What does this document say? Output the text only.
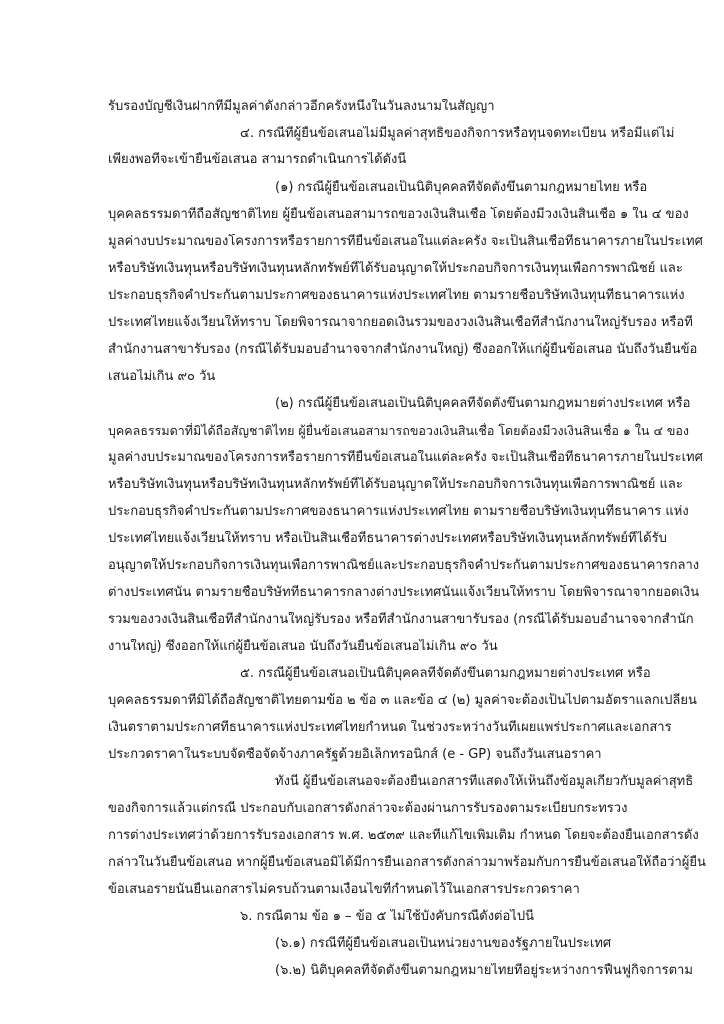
รับรองบัญชีเงินฝากที่มีมูลค่าดังกล่าวอีกครั้งหนึ่งในวันลงนามในสัญญา
๔. กรณีที่ผู้ยื่นข้อเสนอไม่มีมูลค่าสุทธิของกิจการหรือทุนจดทะเบียน หรือมีแต่ไม่
เพียงพอที่จะเข้ายื่นข้อเสนอ สามารถดำเนินการได้ดังนี้
(๑) กรณีผู้ยื่นข้อเสนอเป็นนิติบุคคลที่จัดตั้งขึ้นตามกฎหมายไทย หรือ
บุคคลธรรมดาที่ถือสัญชาติไทย ผู้ยื่นข้อเสนอสามารถขอวงเงินสินเชื่อ โดยต้องมีวงเงินสินเชื่อ ๑ ใน ๔ ของ
มูลค่างบประมาณของโครงการหรือรายการที่ยื่นข้อเสนอในแต่ละครั้ง จะเป็นสินเชื่อที่ธนาคารภายในประเทศ
หรือบริษัทเงินทุนหรือบริษัทเงินทุนหลักทรัพย์ที่ได้รับอนุญาตให้ประกอบกิจการเงินทุนเพื่อการพาณิชย์ และ
ประกอบธุรกิจค้ำประกันตามประกาศของธนาคารแห่งประเทศไทย ตามรายชื่อบริษัทเงินทุนที่ธนาคารแห่ง
ประเทศไทยแจ้งเวียนให้ทราบ โดยพิจารณาจากยอดเงินรวมของวงเงินสินเชื่อที่สำนักงานใหญ่รับรอง หรือที่
สำนักงานสาขารับรอง (กรณีได้รับมอบอำนาจจากสำนักงานใหญ่) ซึ่งออกให้แก่ผู้ยื่นข้อเสนอ นับถึงวันยื่นข้อ
เสนอไม่เกิน ๙๐ วัน
(๒) กรณีผู้ยื่นข้อเสนอเป็นนิติบุคคลที่จัดตั้งขึ้นตามกฎหมายต่างประเทศ หรือ
บุคคลธรรมดาที่มิได้ถือสัญชาติไทย ผู้ยื่นข้อเสนอสามารถขอวงเงินสินเชื่อ โดยต้องมีวงเงินสินเชื่อ ๑ ใน ๔ ของ
มูลค่างบประมาณของโครงการหรือรายการที่ยื่นข้อเสนอในแต่ละครั้ง จะเป็นสินเชื่อที่ธนาคารภายในประเทศ
หรือบริษัทเงินทุนหรือบริษัทเงินทุนหลักทรัพย์ที่ได้รับอนุญาตให้ประกอบกิจการเงินทุนเพื่อการพาณิชย์ และ
ประกอบธุรกิจค้ำประกันตามประกาศของธนาคารแห่งประเทศไทย ตามรายชื่อบริษัทเงินทุนที่ธนาคาร แห่ง
ประเทศไทยแจ้งเวียนให้ทราบ หรือเป็นสินเชื่อที่ธนาคารต่างประเทศหรือบริษัทเงินทุนหลักทรัพย์ที่ได้รับ
อนุญาตให้ประกอบกิจการเงินทุนเพื่อการพาณิชย์และประกอบธุรกิจค้ำประกันตามประกาศของธนาคารกลาง
ต่างประเทศนั้น ตามรายชื่อบริษัทที่ธนาคารกลางต่างประเทศนั้นแจ้งเวียนให้ทราบ โดยพิจารณาจากยอดเงิน
รวมของวงเงินสินเชื่อที่สำนักงานใหญ่รับรอง หรือที่สำนักงานสาขารับรอง (กรณีได้รับมอบอำนาจจากสำนัก
งานใหญ่) ซึ่งออกให้แก่ผู้ยื่นข้อเสนอ นับถึงวันยื่นข้อเสนอไม่เกิน ๙๐ วัน
๕. กรณีผู้ยื่นข้อเสนอเป็นนิติบุคคลที่จัดตั้งขึ้นตามกฎหมายต่างประเทศ หรือ
บุคคลธรรมดาที่มิได้ถือสัญชาติไทยตามข้อ ๒ ข้อ ๓ และข้อ ๔ (๒) มูลค่าจะต้องเป็นไปตามอัตราแลกเปลี่ยน
เงินตราตามประกาศที่ธนาคารแห่งประเทศไทยกำหนด ในช่วงระหว่างวันที่เผยแพร่ประกาศและเอกสาร
ประกวดราคาในระบบจัดซื้อจัดจ้างภาครัฐด้วยอิเล็กทรอนิกส์ (e - GP) จนถึงวันเสนอราคา
ทั้งนี้ ผู้ยื่นข้อเสนอจะต้องยื่นเอกสารที่แสดงให้เห็นถึงข้อมูลเกี่ยวกับมูลค่าสุทธิ
ของกิจการแล้วแต่กรณี ประกอบกับเอกสารดังกล่าวจะต้องผ่านการรับรองตามระเบียบกระทรวง
การต่างประเทศว่าด้วยการรับรองเอกสาร พ.ศ. ๒๕๓๙ และที่แก้ไขเพิ่มเติม กำหนด โดยจะต้องยื่นเอกสารดัง
กล่าวในวันยื่นข้อเสนอ หากผู้ยื่นข้อเสนอมิได้มีการยื่นเอกสารดังกล่าวมาพร้อมกับการยื่นข้อเสนอให้ถือว่าผู้ยื่น
ข้อเสนอรายนั้นยื่นเอกสารไม่ครบถ้วนตามเงื่อนไขที่กำหนดไว้ในเอกสารประกวดราคา
๖. กรณีตาม ข้อ ๑ – ข้อ ๕ ไม่ใช้บังคับกรณีดังต่อไปนี้
(๖.๑) กรณีที่ผู้ยื่นข้อเสนอเป็นหน่วยงานของรัฐภายในประเทศ
(๖.๒) นิติบุคคลที่จัดตั้งขึ้นตามกฎหมายไทยที่อยู่ระหว่างการฟื้นฟูกิจการตาม
